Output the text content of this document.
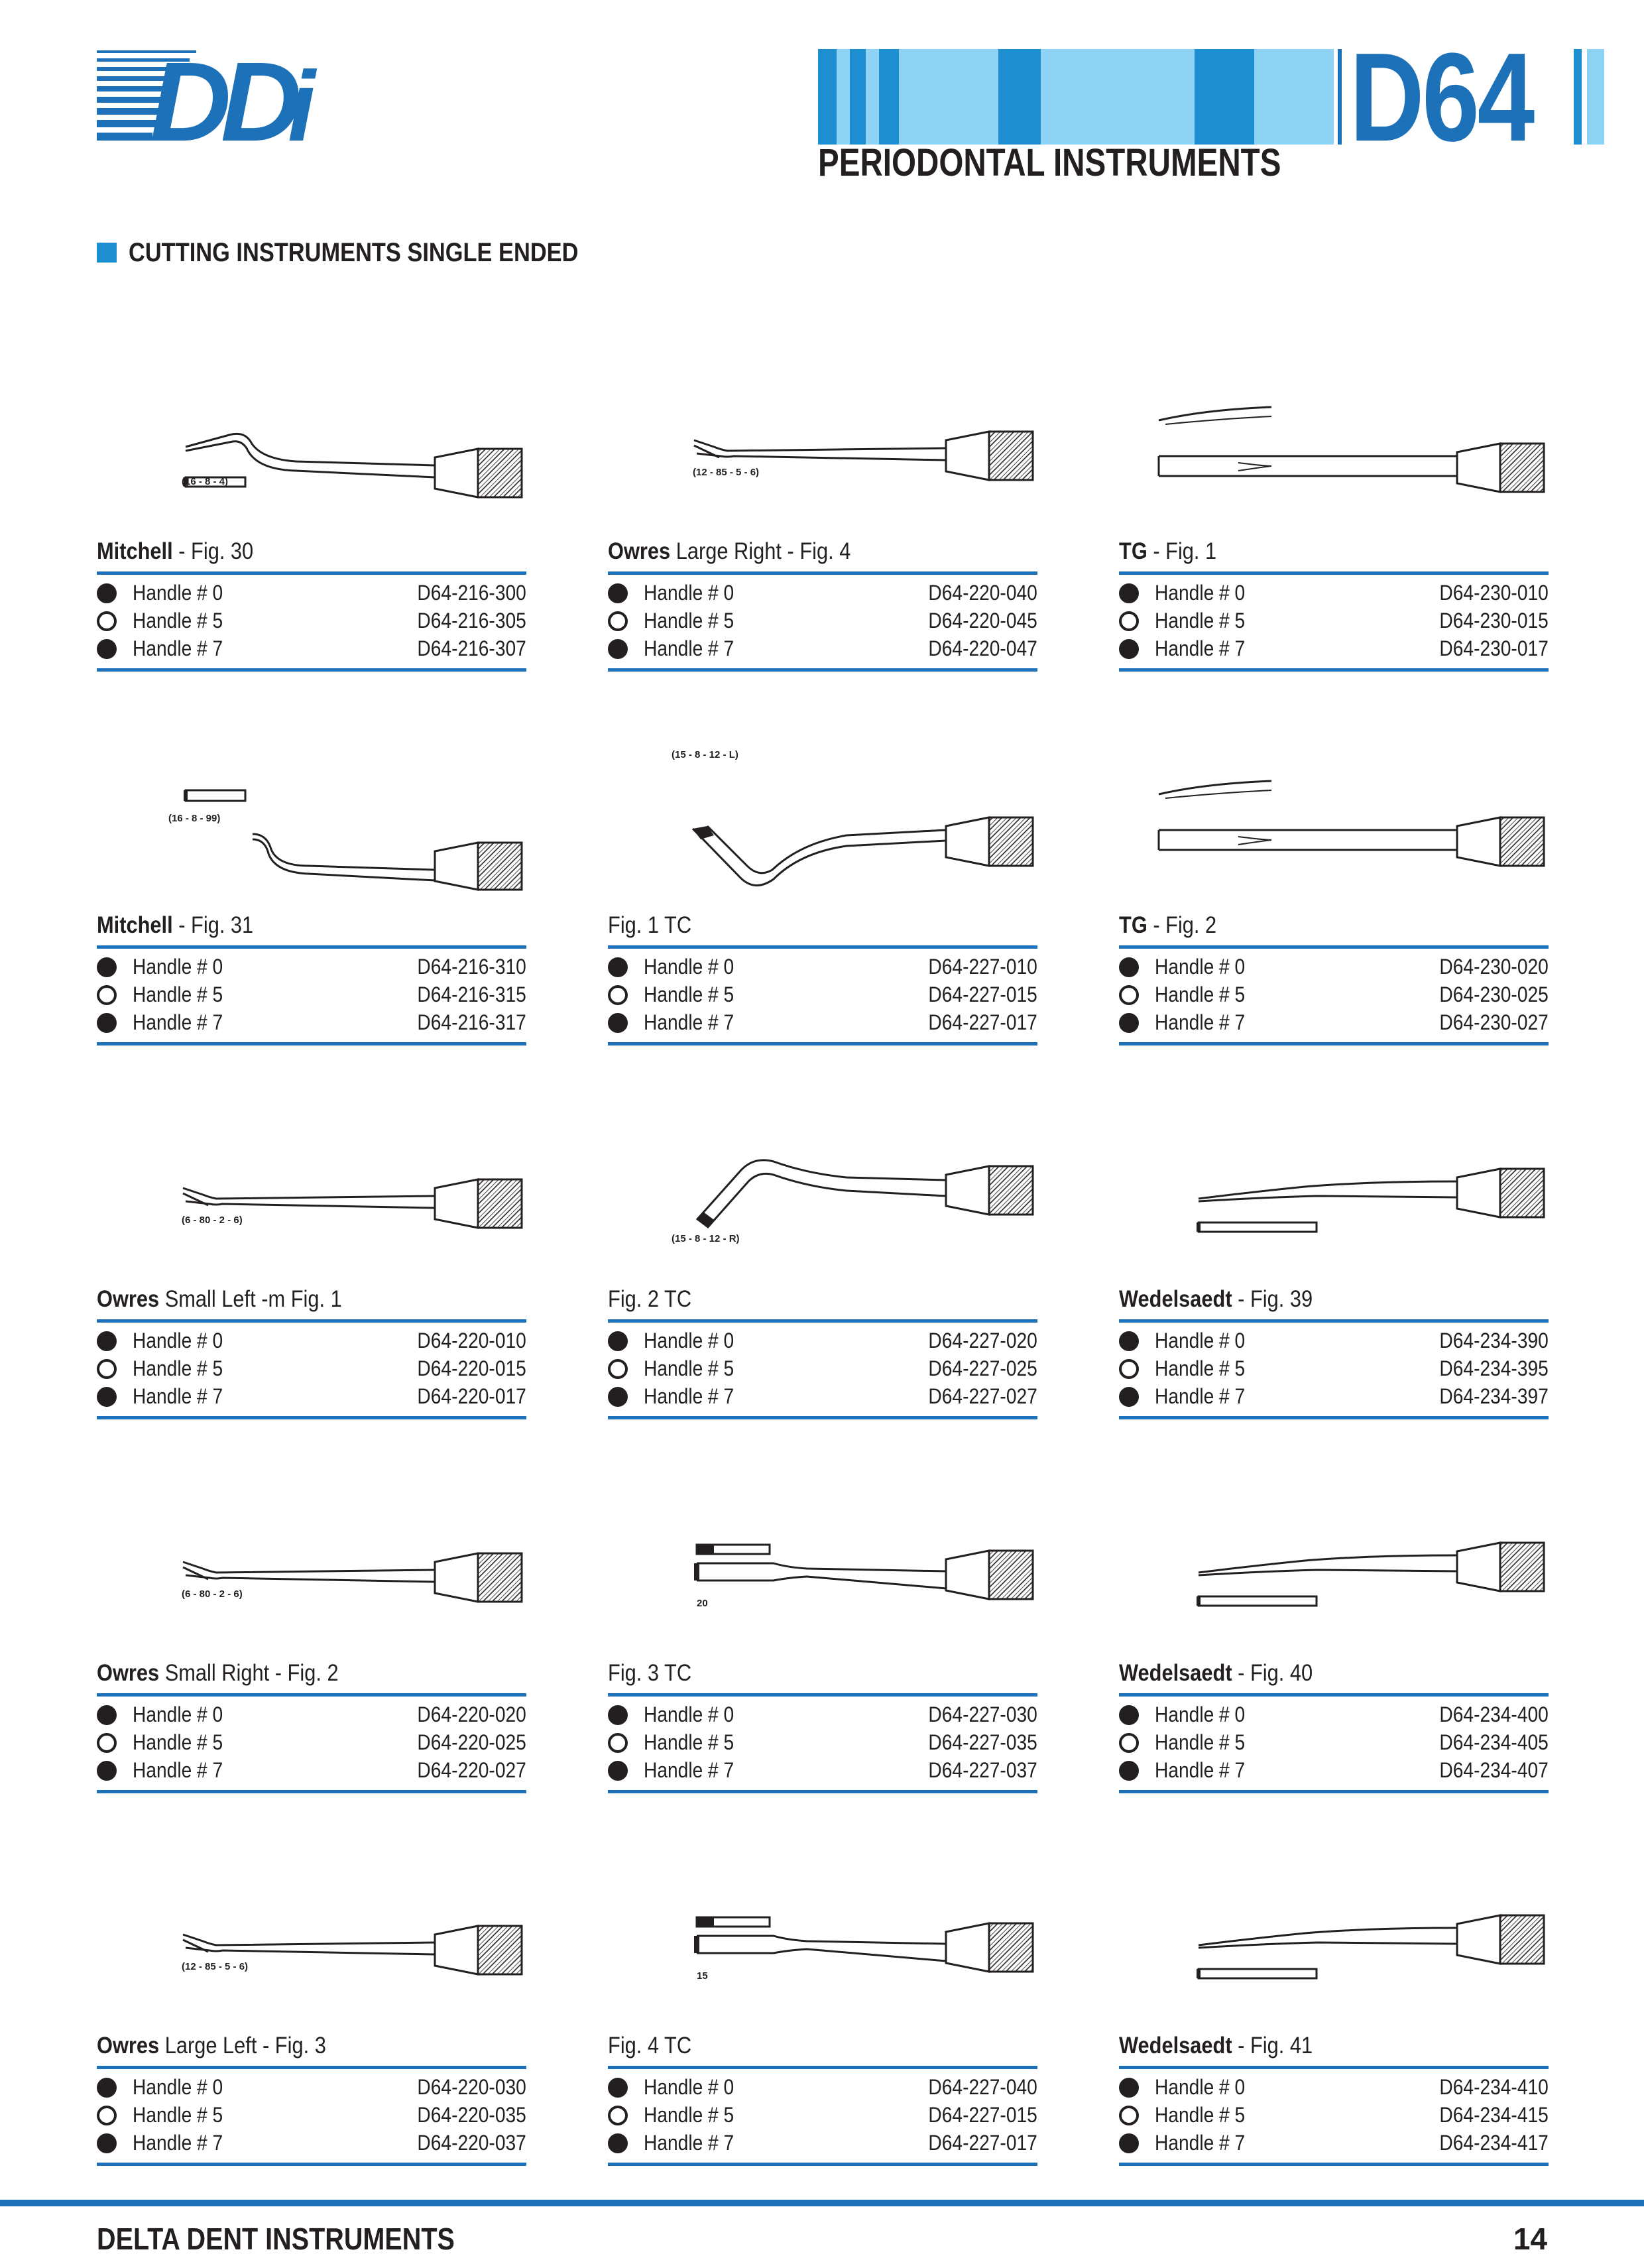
DD
i	D64
PERIODONTAL INSTRUMENTS
CUTTING INSTRUMENTS SINGLE ENDED
(16 - 8 - 4)
Mitchell - Fig. 30
Handle # 0	D64-216-300
Handle # 5	D64-216-305
Handle # 7	D64-216-307
(12 - 85 - 5 - 6)
Owres Large Right - Fig. 4
Handle # 0	D64-220-040
Handle # 5	D64-220-045
Handle # 7	D64-220-047
TG - Fig. 1
Handle # 0	D64-230-010
Handle # 5	D64-230-015
Handle # 7	D64-230-017
(16 - 8 - 99)
Mitchell - Fig. 31
Handle # 0	D64-216-310
Handle # 5	D64-216-315
Handle # 7	D64-216-317
(15 - 8 - 12 - L)
Fig. 1 TC
Handle # 0	D64-227-010
Handle # 5	D64-227-015
Handle # 7	D64-227-017
TG - Fig. 2
Handle # 0	D64-230-020
Handle # 5	D64-230-025
Handle # 7	D64-230-027
(6 - 80 - 2 - 6)
Owres Small Left -m Fig. 1
Handle # 0	D64-220-010
Handle # 5	D64-220-015
Handle # 7	D64-220-017
(15 - 8 - 12 - R)
Fig. 2 TC
Handle # 0	D64-227-020
Handle # 5	D64-227-025
Handle # 7	D64-227-027
Wedelsaedt - Fig. 39
Handle # 0	D64-234-390
Handle # 5	D64-234-395
Handle # 7	D64-234-397
(6 - 80 - 2 - 6)
Owres Small Right - Fig. 2
Handle # 0	D64-220-020
Handle # 5	D64-220-025
Handle # 7	D64-220-027
20
Fig. 3 TC
Handle # 0	D64-227-030
Handle # 5	D64-227-035
Handle # 7	D64-227-037
Wedelsaedt - Fig. 40
Handle # 0	D64-234-400
Handle # 5	D64-234-405
Handle # 7	D64-234-407
(12 - 85 - 5 - 6)
Owres Large Left - Fig. 3
Handle # 0	D64-220-030
Handle # 5	D64-220-035
Handle # 7	D64-220-037
15
Fig. 4 TC
Handle # 0	D64-227-040
Handle # 5	D64-227-015
Handle # 7	D64-227-017
Wedelsaedt - Fig. 41
Handle # 0	D64-234-410
Handle # 5	D64-234-415
Handle # 7	D64-234-417
DELTA DENT INSTRUMENTS	14
